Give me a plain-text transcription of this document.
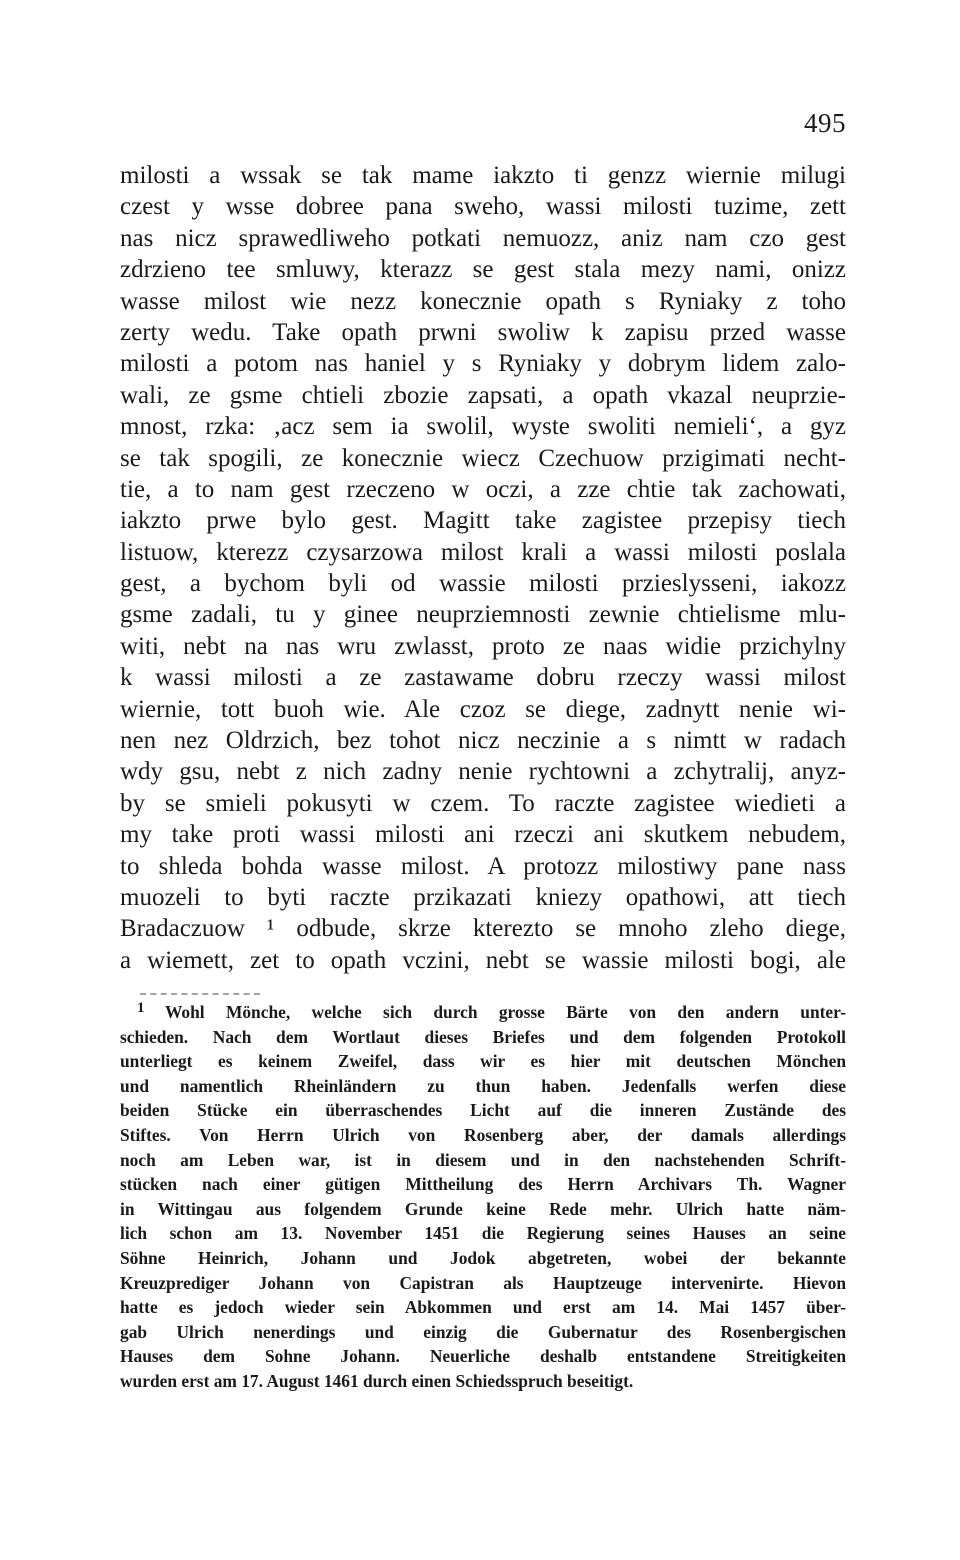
495
milosti a wssak se tak mame iakzto ti genzz wiernie milugi
czest y wsse dobree pana sweho, wassi milosti tuzime, zett
nas nicz sprawedliweho potkati nemuozz, aniz nam czo gest
zdrzieno tee smluwy, kterazz se gest stala mezy nami, onizz
wasse milost wie nezz konecznie opath s Ryniaky z toho
zerty wedu. Take opath prwni swoliw k zapisu przed wasse
milosti a potom nas haniel y s Ryniaky y dobrym lidem zalo-
wali, ze gsme chtieli zbozie zapsati, a opath vkazal neuprzie-
mnost, rzka: ‚acz sem ia swolil, wyste swoliti nemieli‘, a gyz
se tak spogili, ze konecznie wiecz Czechuow przigimati necht-
tie, a to nam gest rzeczeno w oczi, a zze chtie tak zachowati,
iakzto prwe bylo gest. Magitt take zagistee przepisy tiech
listuow, kterezz czysarzowa milost krali a wassi milosti poslala
gest, a bychom byli od wassie milosti przieslysseni, iakozz
gsme zadali, tu y ginee neuprziemnosti zewnie chtielisme mlu-
witi, nebt na nas wru zwlasst, proto ze naas widie przichylny
k wassi milosti a ze zastawame dobru rzeczy wassi milost
wiernie, tott buoh wie. Ale czoz se diege, zadnytt nenie wi-
nen nez Oldrzich, bez tohot nicz neczinie a s nimtt w radach
wdy gsu, nebt z nich zadny nenie rychtowni a zchytralij, anyz-
by se smieli pokusyti w czem. To raczte zagistee wiedieti a
my take proti wassi milosti ani rzeczi ani skutkem nebudem,
to shleda bohda wasse milost. A protozz milostiwy pane nass
muozeli to byti raczte przikazati kniezy opathowi, att tiech
Bradaczuow ¹ odbude, skrze kterezto se mnoho zleho diege,
a wiemett, zet to opath vczini, nebt se wassie milosti bogi, ale
1	Wohl Mönche, welche sich durch grosse Bärte von den andern unter-
schieden. Nach dem Wortlaut dieses Briefes und dem folgenden Protokoll
unterliegt es keinem Zweifel, dass wir es hier mit deutschen Mönchen
und namentlich Rheinländern zu thun haben. Jedenfalls werfen diese
beiden Stücke ein überraschendes Licht auf die inneren Zustände des
Stiftes. Von Herrn Ulrich von Rosenberg aber, der damals allerdings
noch am Leben war, ist in diesem und in den nachstehenden Schrift-
stücken nach einer gütigen Mittheilung des Herrn Archivars Th. Wagner
in Wittingau aus folgendem Grunde keine Rede mehr. Ulrich hatte näm-
lich schon am 13. November 1451 die Regierung seines Hauses an seine
Söhne Heinrich, Johann und Jodok abgetreten, wobei der bekannte
Kreuzprediger Johann von Capistran als Hauptzeuge intervenirte. Hievon
hatte es jedoch wieder sein Abkommen und erst am 14. Mai 1457 über-
gab Ulrich nenerdings und einzig die Gubernatur des Rosenbergischen
Hauses dem Sohne Johann. Neuerliche deshalb entstandene Streitigkeiten
wurden erst am 17. August 1461 durch einen Schiedsspruch beseitigt.
